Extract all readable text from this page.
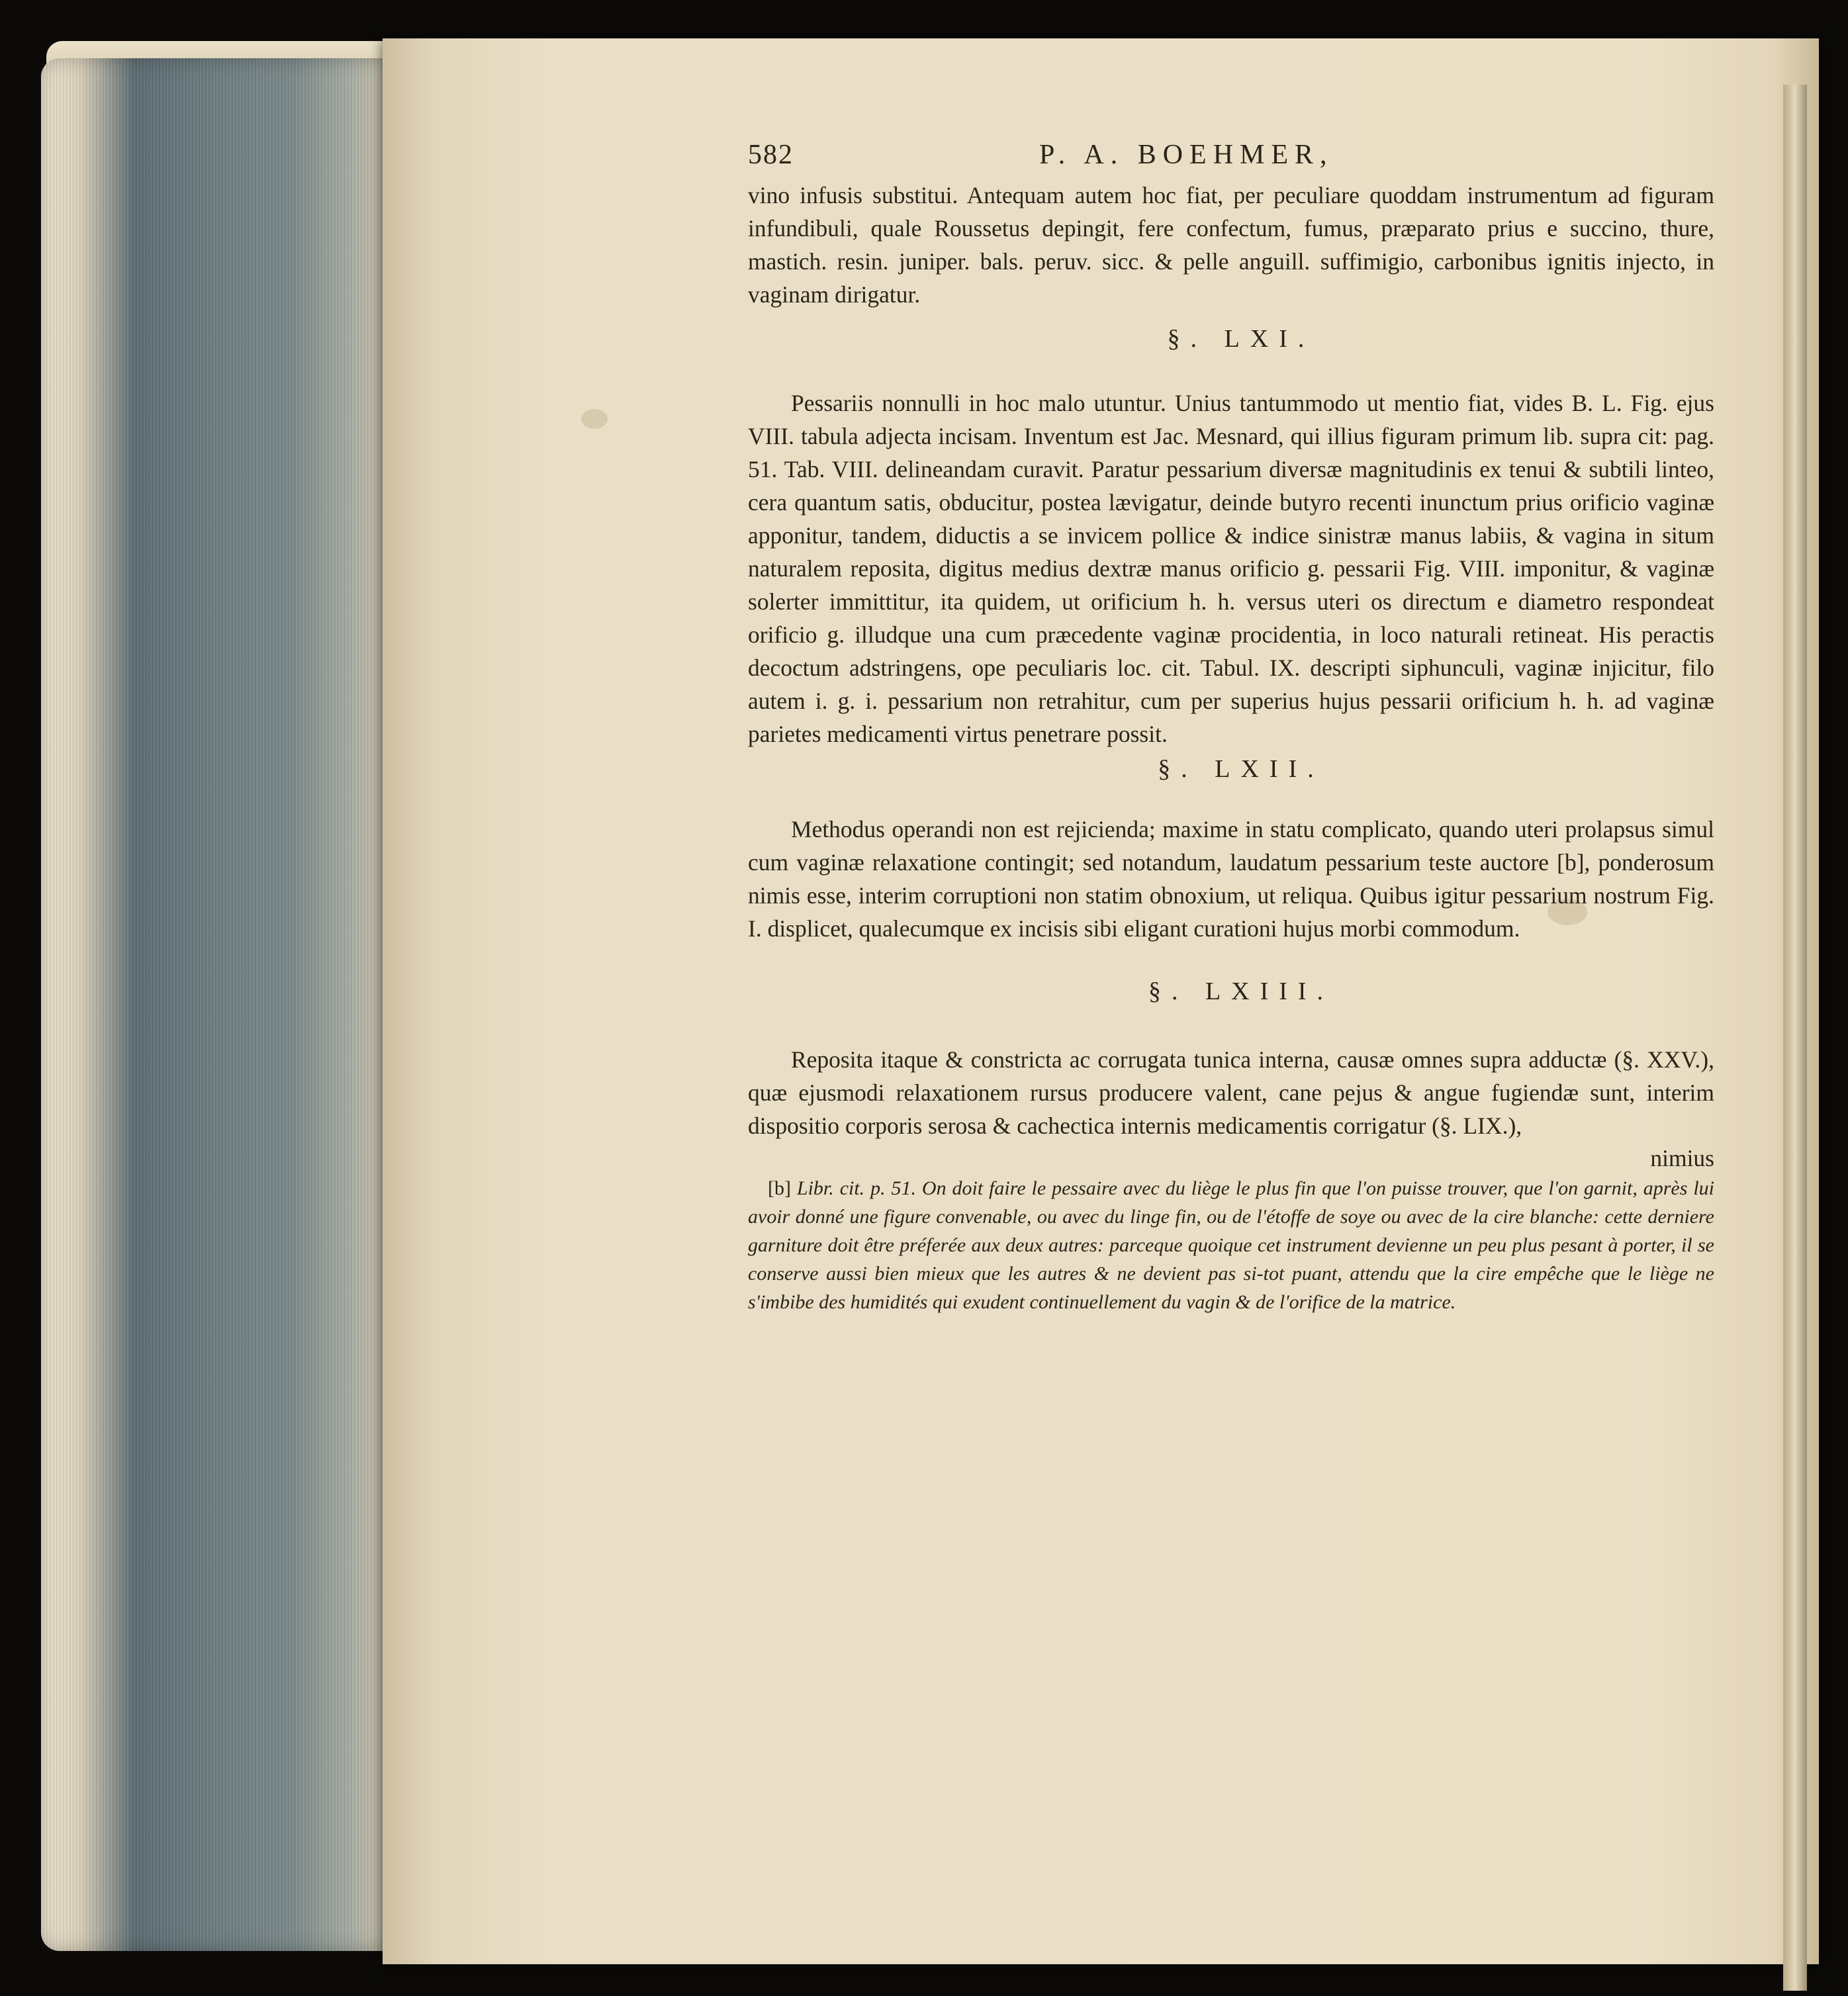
582	P. A. BOEHMER,

vino infusis substitui. Antequam autem hoc fiat, per peculiare quoddam instrumentum ad figuram infundibuli, quale Roussetus depingit, fere confectum, fumus, præparato prius e succino, thure, mastich. resin. juniper. bals. peruv. sicc. & pelle anguill. suffimigio, carbonibus ignitis injecto, in vaginam dirigatur.

§. LXI.

Pessariis nonnulli in hoc malo utuntur. Unius tantummodo ut mentio fiat, vides B. L. Fig. ejus VIII. tabula adjecta incisam. Inventum est Jac. Mesnard, qui illius figuram primum lib. supra cit: pag. 51. Tab. VIII. delineandam curavit. Paratur pessarium diversæ magnitudinis ex tenui & subtili linteo, cera quantum satis, obducitur, postea lævigatur, deinde butyro recenti inunctum prius orificio vaginæ apponitur, tandem, diductis a se invicem pollice & indice sinistræ manus labiis, & vagina in situm naturalem reposita, digitus medius dextræ manus orificio g. pessarii Fig. VIII. imponitur, & vaginæ solerter immittitur, ita quidem, ut orificium h. h. versus uteri os directum e diametro respondeat orificio g. illudque una cum præcedente vaginæ procidentia, in loco naturali retineat. His peractis decoctum adstringens, ope peculiaris loc. cit. Tabul. IX. descripti siphunculi, vaginæ injicitur, filo autem i. g. i. pessarium non retrahitur, cum per superius hujus pessarii orificium h. h. ad vaginæ parietes medicamenti virtus penetrare possit.

§. LXII.

Methodus operandi non est rejicienda; maxime in statu complicato, quando uteri prolapsus simul cum vaginæ relaxatione contingit; sed notandum, laudatum pessarium teste auctore [b], ponderosum nimis esse, interim corruptioni non statim obnoxium, ut reliqua. Quibus igitur pessarium nostrum Fig. I. displicet, qualecumque ex incisis sibi eligant curationi hujus morbi commodum.

§. LXIII.

Reposita itaque & constricta ac corrugata tunica interna, causæ omnes supra adductæ (§. XXV.), quæ ejusmodi relaxationem rursus producere valent, cane pejus & angue fugiendæ sunt, interim dispositio corporis serosa & cachectica internis medicamentis corrigatur (§. LIX.),

nimius

[b] Libr. cit. p. 51. On doit faire le pessaire avec du liège le plus fin que l'on puisse trouver, que l'on garnit, après lui avoir donné une figure convenable, ou avec du linge fin, ou de l'étoffe de soye ou avec de la cire blanche: cette derniere garniture doit être préferée aux deux autres: parceque quoique cet instrument devienne un peu plus pesant à porter, il se conserve aussi bien mieux que les autres & ne devient pas si-tot puant, attendu que la cire empêche que le liège ne s'imbibe des humidités qui exudent continuellement du vagin & de l'orifice de la matrice.
